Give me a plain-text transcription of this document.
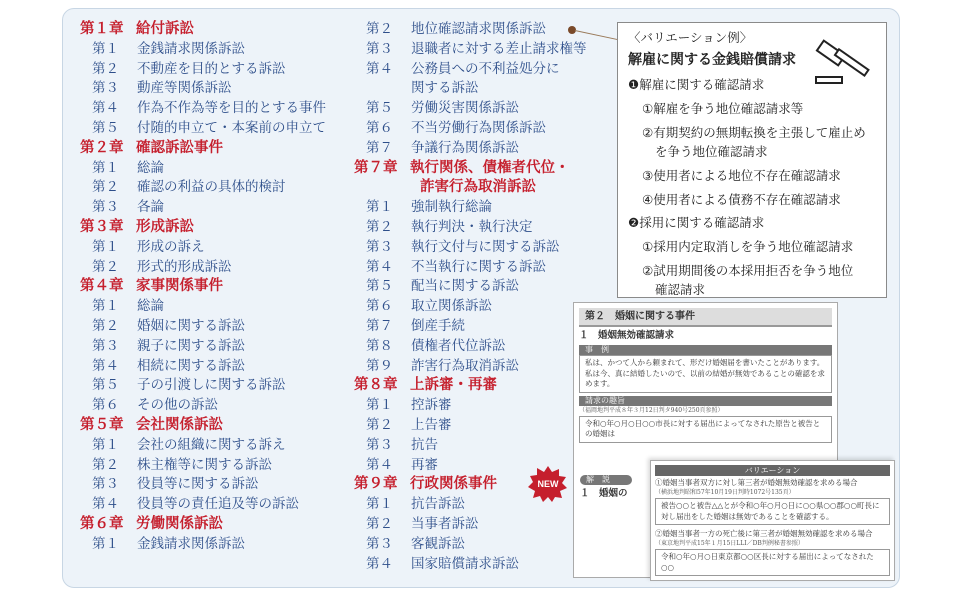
第１章 給付訴訟
第１	金銭請求関係訴訟
第２	不動産を目的とする訴訟
第３	動産等関係訴訟
第４	作為不作為等を目的とする事件
第５	付随的申立て・本案前の申立て
第２章 確認訴訟事件
第１	総論
第２	確認の利益の具体的検討
第３	各論
第３章 形成訴訟
第１	形成の訴え
第２	形式的形成訴訟
第４章 家事関係事件
第１	総論
第２	婚姻に関する訴訟
第３	親子に関する訴訟
第４	相続に関する訴訟
第５	子の引渡しに関する訴訟
第６	その他の訴訟
第５章 会社関係訴訟
第１	会社の組織に関する訴え
第２	株主権等に関する訴訟
第３	役員等に関する訴訟
第４	役員等の責任追及等の訴訟
第６章 労働関係訴訟
第１	金銭請求関係訴訟
第２	地位確認請求関係訴訟
第３	退職者に対する差止請求権等
第４	公務員への不利益処分に
関する訴訟
第５	労働災害関係訴訟
第６	不当労働行為関係訴訟
第７	争議行為関係訴訟
第７章 執行関係、債権者代位・
詐害行為取消訴訟
第１	強制執行総論
第２	執行判決・執行決定
第３	執行文付与に関する訴訟
第４	不当執行に関する訴訟
第５	配当に関する訴訟
第６	取立関係訴訟
第７	倒産手続
第８	債権者代位訴訟
第９	詐害行為取消訴訟
第８章 上訴審・再審
第１	控訴審
第２	上告審
第３	抗告
第４	再審
第９章 行政関係事件
第１	抗告訴訟
第２	当事者訴訟
第３	客観訴訟
第４	国家賠償請求訴訟
〈バリエーション例〉
解雇に関する金銭賠償請求
❶解雇に関する確認請求
①解雇を争う地位確認請求等
②有期契約の無期転換を主張して雇止め
を争う地位確認請求
③使用者による地位不存在確認請求
④使用者による債務不存在確認請求
❷採用に関する確認請求
①採用内定取消しを争う地位確認請求
②試用期間後の本採用拒否を争う地位
確認請求
第２　婚姻に関する事件
１　婚姻無効確認請求
事　例
私は、かつて人から頼まれて、形だけ婚姻届を書いたことがあります。私は今、真に結婚したいので、以前の結婚が無効であることの確認を求めます。
請求の趣旨
（福岡地判平成８年３月12日判タ940号250頁参照）
令和○年○月○日○○市長に対する届出によってなされた原告と被告との婚姻は
解　説
１　婚姻の
バリエーション
①婚姻当事者双方に対し第三者が婚姻無効確認を求める場合
（横浜地判昭和57年10月19日判時1072号135頁）
被告○○と被告△△とが令和○年○月○日に○○県○○郡○○町長に対し届出をした婚姻は無効であることを確認する。
②婚姻当事者一方の死亡後に第三者が婚姻無効確認を求める場合
（東京地判平成15年１月15日LLI／DB判例秘書参照）
令和○年○月○日東京都○○区長に対する届出によってなされた○○
NEW
